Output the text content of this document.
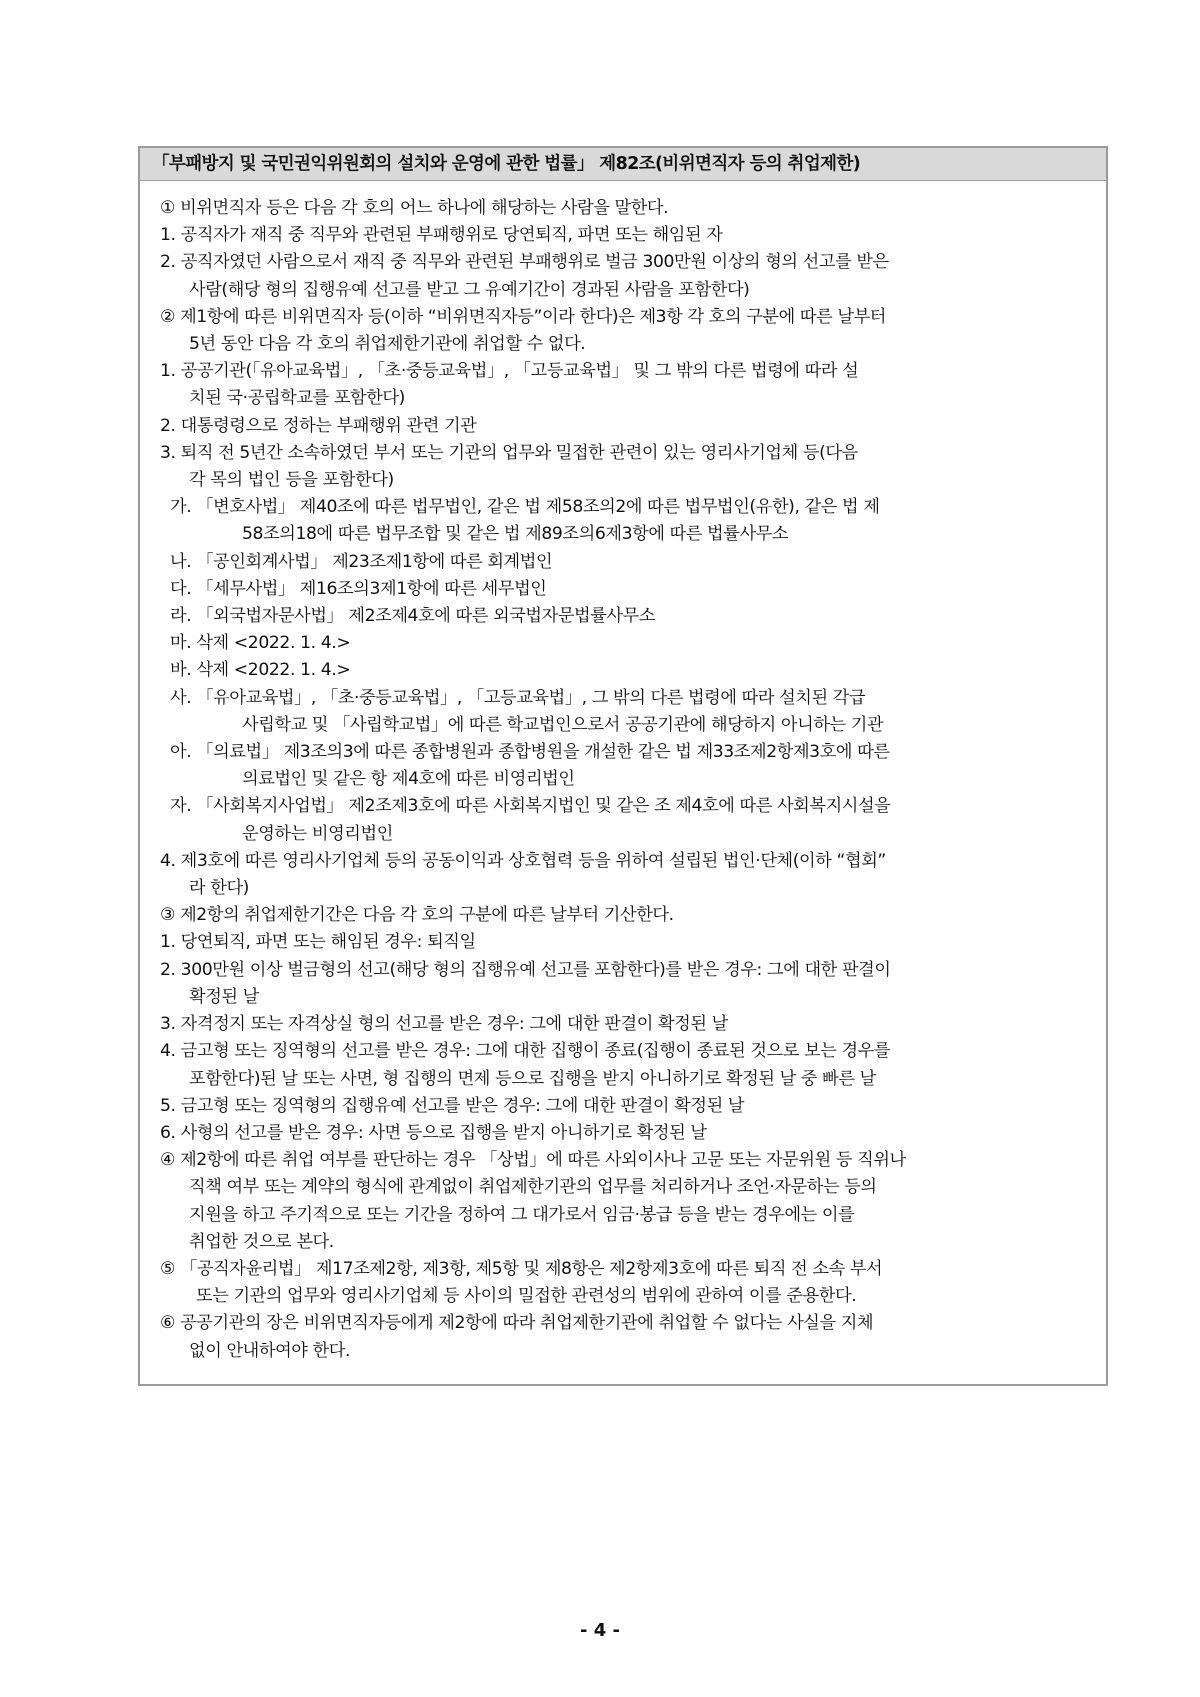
「부패방지 및 국민권익위원회의 설치와 운영에 관한 법률」 제82조(비위면직자 등의 취업제한)
① 비위면직자 등은 다음 각 호의 어느 하나에 해당하는 사람을 말한다.
1. 공직자가 재직 중 직무와 관련된 부패행위로 당연퇴직, 파면 또는 해임된 자
2. 공직자였던 사람으로서 재직 중 직무와 관련된 부패행위로 벌금 300만원 이상의 형의 선고를 받은
사람(해당 형의 집행유예 선고를 받고 그 유예기간이 경과된 사람을 포함한다)
② 제1항에 따른 비위면직자 등(이하 “비위면직자등”이라 한다)은 제3항 각 호의 구분에 따른 날부터
5년 동안 다음 각 호의 취업제한기관에 취업할 수 없다.
1. 공공기관(「유아교육법」, 「초·중등교육법」, 「고등교육법」 및 그 밖의 다른 법령에 따라 설
치된 국·공립학교를 포함한다)
2. 대통령령으로 정하는 부패행위 관련 기관
3. 퇴직 전 5년간 소속하였던 부서 또는 기관의 업무와 밀접한 관련이 있는 영리사기업체 등(다음
각 목의 법인 등을 포함한다)
가. 「변호사법」 제40조에 따른 법무법인, 같은 법 제58조의2에 따른 법무법인(유한), 같은 법 제
58조의18에 따른 법무조합 및 같은 법 제89조의6제3항에 따른 법률사무소
나. 「공인회계사법」 제23조제1항에 따른 회계법인
다. 「세무사법」 제16조의3제1항에 따른 세무법인
라. 「외국법자문사법」 제2조제4호에 따른 외국법자문법률사무소
마. 삭제 <2022. 1. 4.>
바. 삭제 <2022. 1. 4.>
사. 「유아교육법」, 「초·중등교육법」, 「고등교육법」, 그 밖의 다른 법령에 따라 설치된 각급
사립학교 및 「사립학교법」에 따른 학교법인으로서 공공기관에 해당하지 아니하는 기관
아. 「의료법」 제3조의3에 따른 종합병원과 종합병원을 개설한 같은 법 제33조제2항제3호에 따른
의료법인 및 같은 항 제4호에 따른 비영리법인
자. 「사회복지사업법」 제2조제3호에 따른 사회복지법인 및 같은 조 제4호에 따른 사회복지시설을
운영하는 비영리법인
4. 제3호에 따른 영리사기업체 등의 공동이익과 상호협력 등을 위하여 설립된 법인·단체(이하 “협회”
라 한다)
③ 제2항의 취업제한기간은 다음 각 호의 구분에 따른 날부터 기산한다.
1. 당연퇴직, 파면 또는 해임된 경우: 퇴직일
2. 300만원 이상 벌금형의 선고(해당 형의 집행유예 선고를 포함한다)를 받은 경우: 그에 대한 판결이
확정된 날
3. 자격정지 또는 자격상실 형의 선고를 받은 경우: 그에 대한 판결이 확정된 날
4. 금고형 또는 징역형의 선고를 받은 경우: 그에 대한 집행이 종료(집행이 종료된 것으로 보는 경우를
포함한다)된 날 또는 사면, 형 집행의 면제 등으로 집행을 받지 아니하기로 확정된 날 중 빠른 날
5. 금고형 또는 징역형의 집행유예 선고를 받은 경우: 그에 대한 판결이 확정된 날
6. 사형의 선고를 받은 경우: 사면 등으로 집행을 받지 아니하기로 확정된 날
④ 제2항에 따른 취업 여부를 판단하는 경우 「상법」에 따른 사외이사나 고문 또는 자문위원 등 직위나
직책 여부 또는 계약의 형식에 관계없이 취업제한기관의 업무를 처리하거나 조언·자문하는 등의
지원을 하고 주기적으로 또는 기간을 정하여 그 대가로서 임금·봉급 등을 받는 경우에는 이를
취업한 것으로 본다.
⑤ 「공직자윤리법」 제17조제2항, 제3항, 제5항 및 제8항은 제2항제3호에 따른 퇴직 전 소속 부서
또는 기관의 업무와 영리사기업체 등 사이의 밀접한 관련성의 범위에 관하여 이를 준용한다.
⑥ 공공기관의 장은 비위면직자등에게 제2항에 따라 취업제한기관에 취업할 수 없다는 사실을 지체
없이 안내하여야 한다.
- 4 -
